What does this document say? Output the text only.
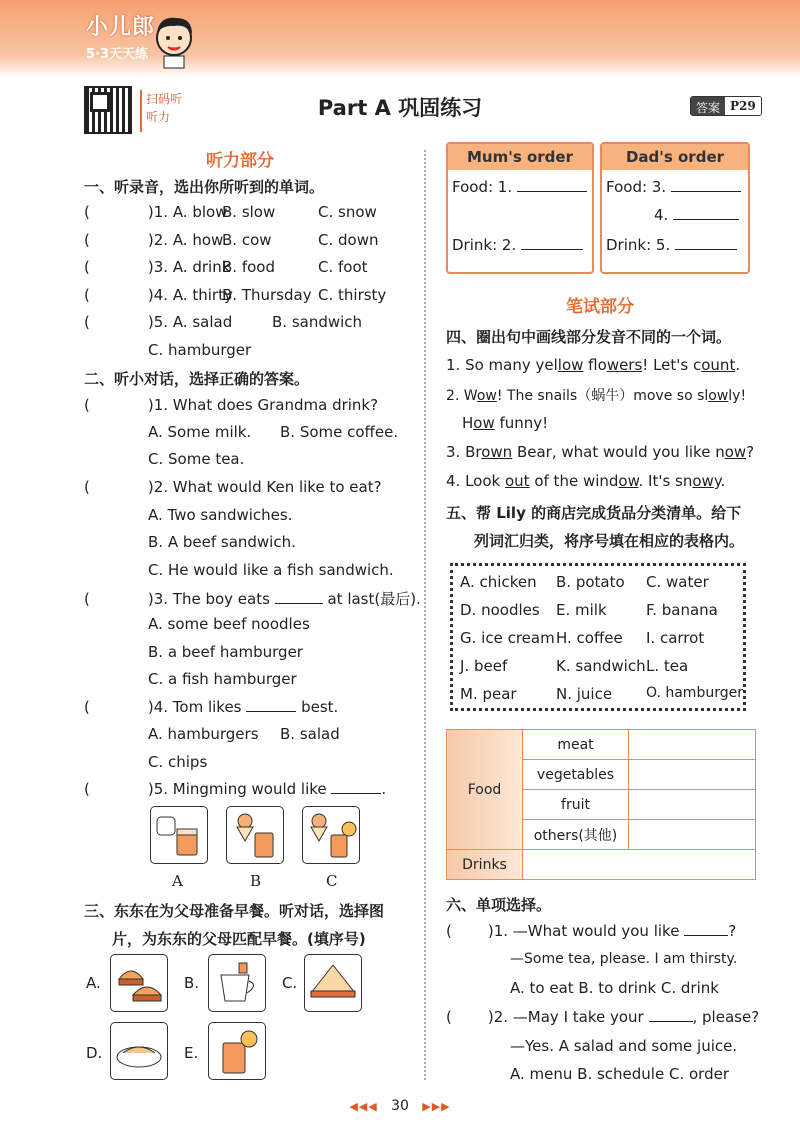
小儿郎
5·3天天练
扫码听听力	Part A 巩固练习	答案 P29
听力部分
一、听录音，选出你所听到的单词。
(	)1. A. blow
B. slow	C. snow
(	)2. A. how
B. cow	C. down
(	)3. A. drink
B. food	C. foot
(	)4. A. thirty
B. Thursday C. thirsty
(	)5. A. salad	B. sandwich
C. hamburger
二、听小对话，选择正确的答案。
(	)1. What does Grandma drink?
A. Some milk. B. Some coffee.
C. Some tea.
(	)2. What would Ken like to eat?
A. Two sandwiches.
B. A beef sandwich.
C. He would like a fish sandwich.
(	)3. The boy eats	at last(最后).
A. some beef noodles
B. a beef hamburger
C. a fish hamburger
(	)4. Tom likes	best.
A. hamburgers B. salad
C. chips
(	)5. Mingming would like	.
A	B	C
三、东东在为父母准备早餐。听对话，选择图
片，为东东的父母匹配早餐。(填序号)
A.	B.	C.
D.	E.
Mum's order
Food: 1.
Drink: 2.
Dad's order
Food: 3.
4.
Drink: 5.
笔试部分
四、圈出句中画线部分发音不同的一个词。
1. So many yellow flowers! Let's count.
2. Wow! The snails（蜗牛）move so slowly!
How funny!
3. Brown Bear, what would you like now?
4. Look out of the window. It's snowy.
五、帮 Lily 的商店完成货品分类清单。给下
列词汇归类，将序号填在相应的表格内。
A. chicken B. potato C. water
D. noodles E. milk	F. banana
G. ice cream H. coffee I. carrot
J. beef	K. sandwich L. tea
M. pear	N. juice O. hamburger
Food	meat	
	vegetables	
	fruit	
	others(其他)	
Drinks		
六、单项选择。
( )1. —What would you like	?
—Some tea, please. I am thirsty.
A. to eat B. to drink C. drink
( )2. —May I take your	, please?
—Yes. A salad and some juice.
A. menu B. schedule C. order
◀◀◀ 30 ▶▶▶
